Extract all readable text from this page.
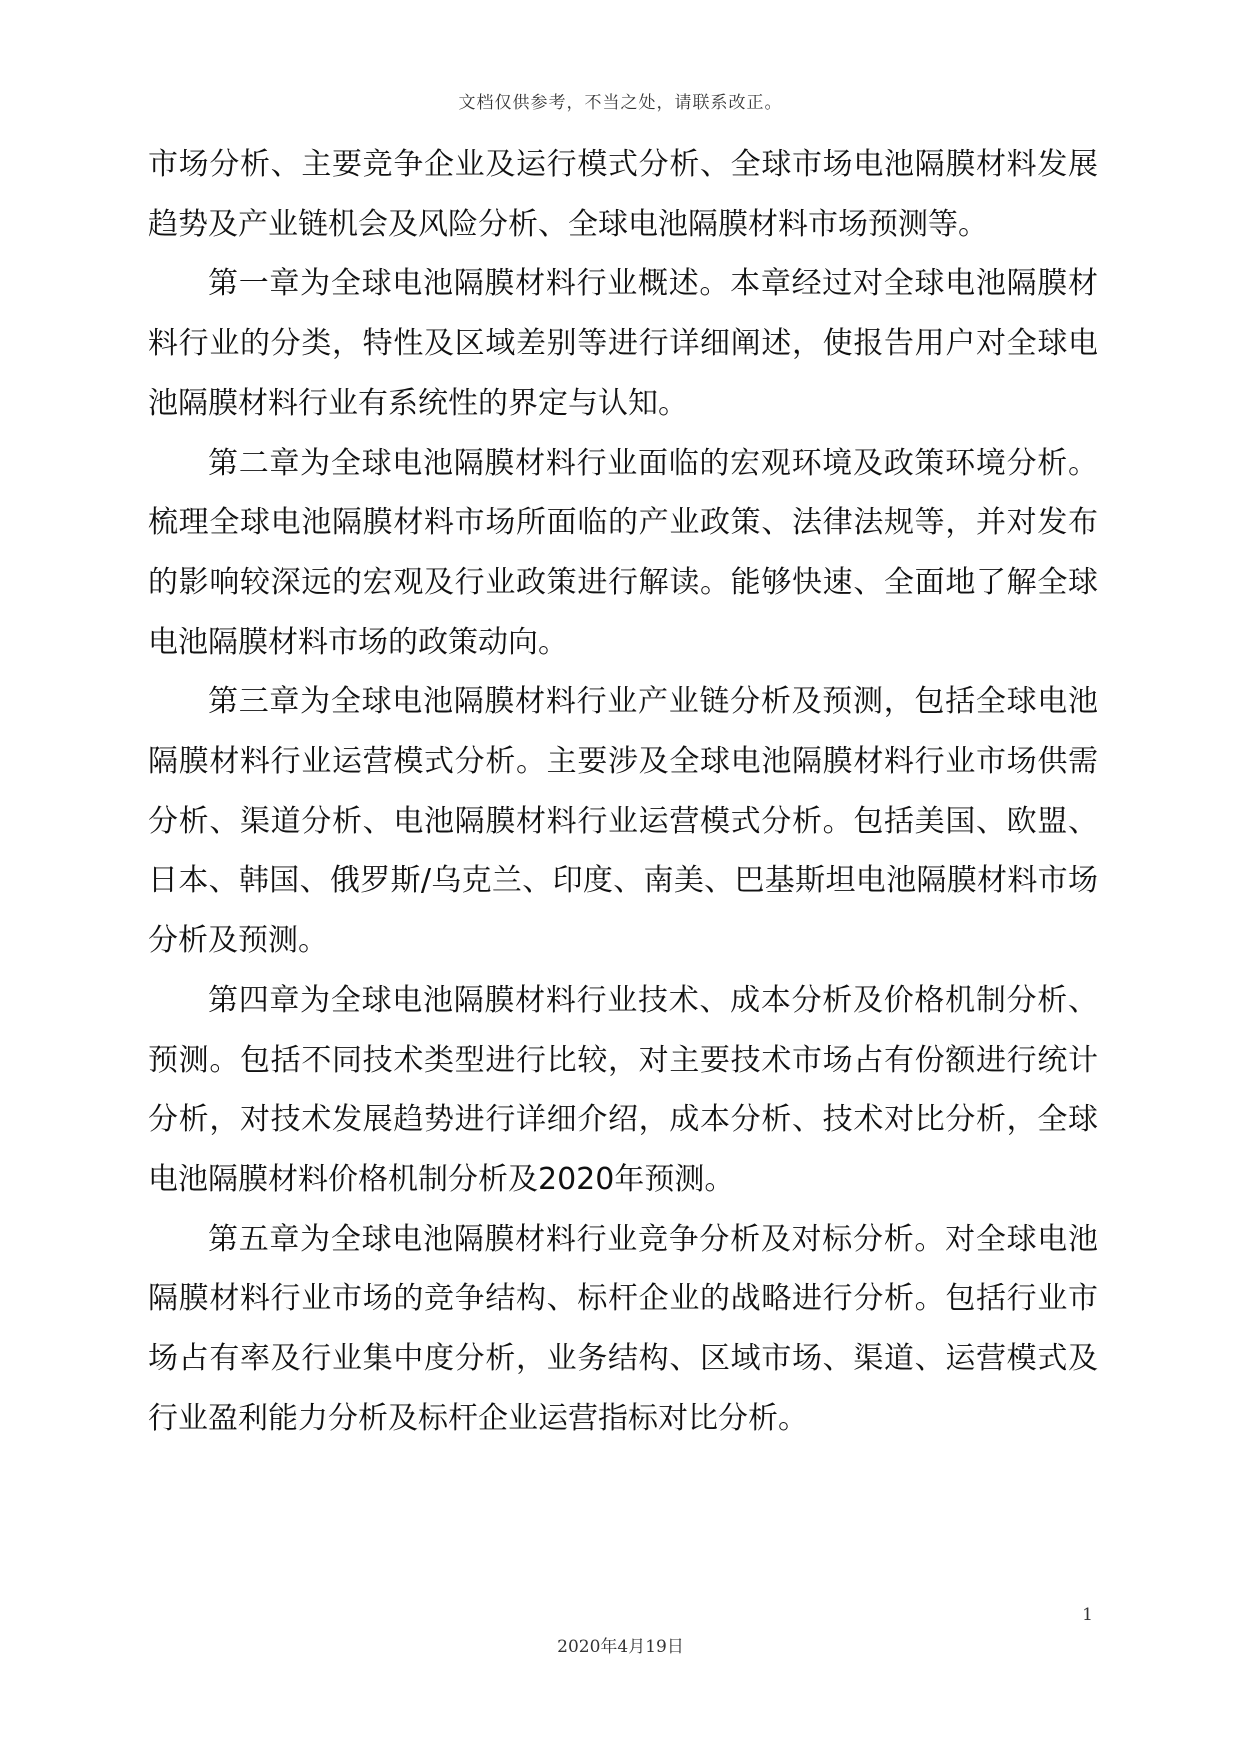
文档仅供参考，不当之处，请联系改正。

市场分析、主要竞争企业及运行模式分析、全球市场电池隔膜材料发展趋势及产业链机会及风险分析、全球电池隔膜材料市场预测等。

第一章为全球电池隔膜材料行业概述。本章经过对全球电池隔膜材料行业的分类，特性及区域差别等进行详细阐述，使报告用户对全球电池隔膜材料行业有系统性的界定与认知。

第二章为全球电池隔膜材料行业面临的宏观环境及政策环境分析。梳理全球电池隔膜材料市场所面临的产业政策、法律法规等，并对发布的影响较深远的宏观及行业政策进行解读。能够快速、全面地了解全球电池隔膜材料市场的政策动向。

第三章为全球电池隔膜材料行业产业链分析及预测，包括全球电池隔膜材料行业运营模式分析。主要涉及全球电池隔膜材料行业市场供需分析、渠道分析、电池隔膜材料行业运营模式分析。包括美国、欧盟、日本、韩国、俄罗斯/乌克兰、印度、南美、巴基斯坦电池隔膜材料市场分析及预测。

第四章为全球电池隔膜材料行业技术、成本分析及价格机制分析、预测。包括不同技术类型进行比较，对主要技术市场占有份额进行统计分析，对技术发展趋势进行详细介绍，成本分析、技术对比分析，全球电池隔膜材料价格机制分析及2020年预测。

第五章为全球电池隔膜材料行业竞争分析及对标分析。对全球电池隔膜材料行业市场的竞争结构、标杆企业的战略进行分析。包括行业市场占有率及行业集中度分析，业务结构、区域市场、渠道、运营模式及行业盈利能力分析及标杆企业运营指标对比分析。

1
2020年4月19日
